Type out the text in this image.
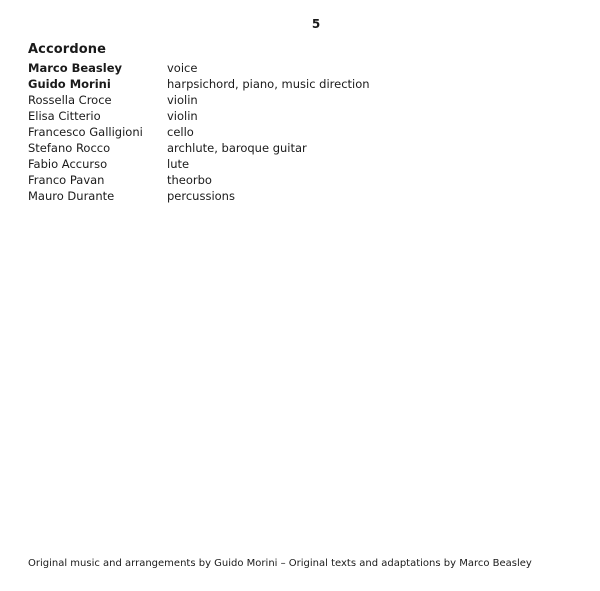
5
Accordone
Marco Beasley	voice
Guido Morini	harpsichord, piano, music direction
Rossella Croce	violin
Elisa Citterio	violin
Francesco Galligioni	cello
Stefano Rocco	archlute, baroque guitar
Fabio Accurso	lute
Franco Pavan	theorbo
Mauro Durante	percussions
Original music and arrangements by Guido Morini – Original texts and adaptations by Marco Beasley
